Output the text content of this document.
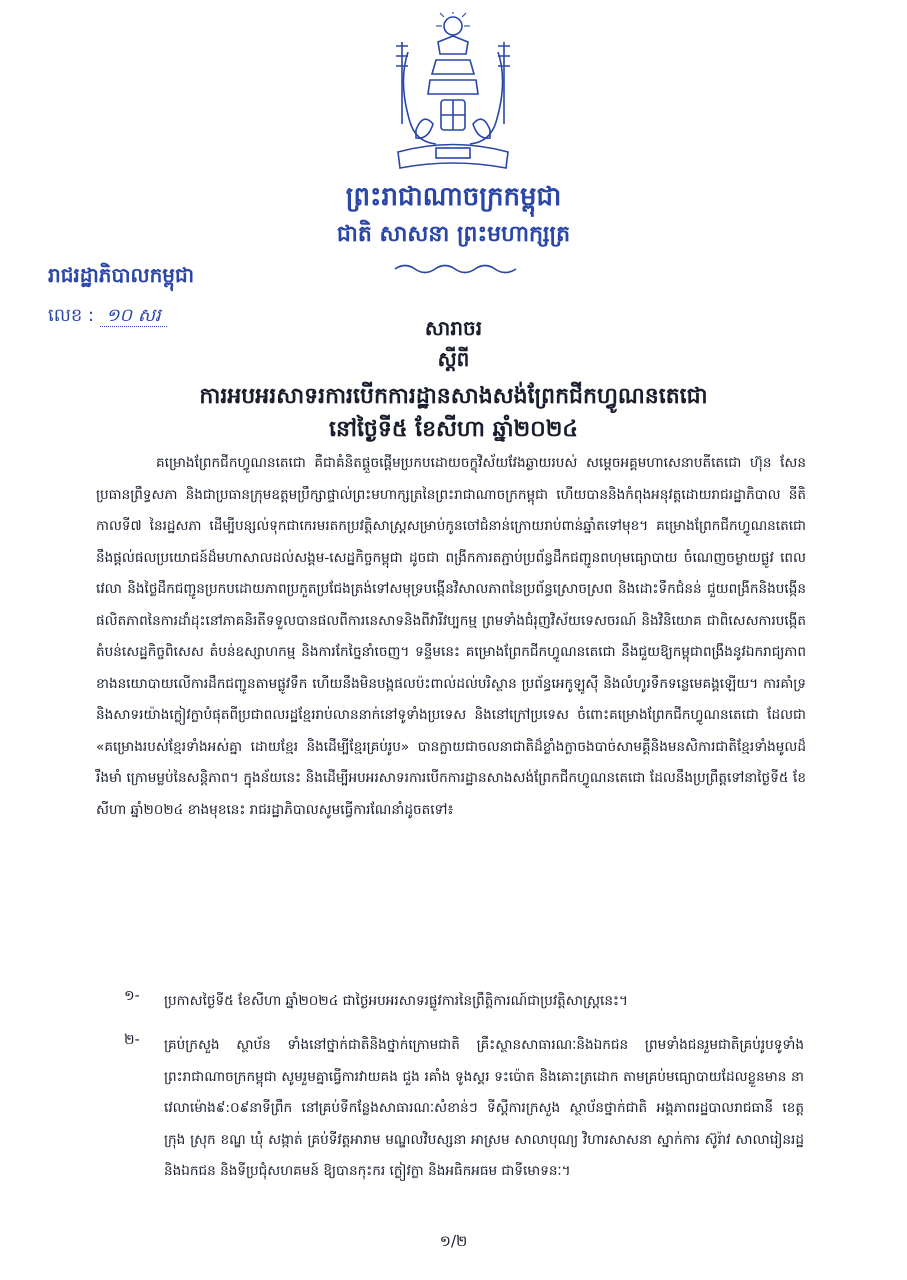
ព្រះរាជាណាចក្រកម្ពុជា
ជាតិ សាសនា ព្រះមហាក្សត្រ
រាជរដ្ឋាភិបាលកម្ពុជា
លេខ : ១០ សរ
សារាចរ
ស្ដីពី
ការអបអរសាទរការបើកការដ្ឋានសាងសង់ព្រែកជីកហ្វូណនតេជោ
នៅថ្ងៃទី៥ ខែសីហា ឆ្នាំ២០២៤

គម្រោងព្រែកជីកហ្វូណនតេជោ គឺជាគំនិតផ្ដួចផ្ដើមប្រកបដោយចក្ខុវិស័យវែងឆ្ងាយរបស់ សម្ដេចអគ្គមហាសេនាបតីតេជោ ហ៊ុន សែន ប្រធានព្រឹទ្ធសភា និងជាប្រធានក្រុមឧត្ដមប្រឹក្សាផ្ទាល់ព្រះមហាក្សត្រនៃព្រះរាជាណាចក្រកម្ពុជា ហើយបាននិងកំពុងអនុវត្តដោយរាជរដ្ឋាភិបាល នីតិកាលទី៧ នៃរដ្ឋសភា ដើម្បីបន្សល់ទុកជាកេរមរតកប្រវត្តិសាស្ត្រសម្រាប់កូនចៅជំនាន់ក្រោយរាប់ពាន់ឆ្នាំតទៅមុខ។ គម្រោងព្រែកជីកហ្វូណនតេជោ នឹងផ្ដល់ផលប្រយោជន៍ដ៏មហាសាលដល់សង្គម-សេដ្ឋកិច្ចកម្ពុជា ដូចជា ពង្រីកការតភ្ជាប់ប្រព័ន្ធដឹកជញ្ជូនពហុមធ្យោបាយ ចំណេញចម្ងាយផ្លូវ ពេលវេលា និងថ្លៃដឹកជញ្ជូនប្រកបដោយភាពប្រកួតប្រជែងត្រង់ទៅសមុទ្របង្កើនវិសាលភាពនៃប្រព័ន្ធស្រោចស្រព និងដោះទឹកជំនន់ ជួយពង្រីកនិងបង្កើនផលិតភាពនៃការដាំដុះនៅភាគនិរតីទទួលបានផលពីការនេសាទនិងពីវារីវប្បកម្ម ព្រមទាំងជំរុញវិស័យទេសចរណ៍ និងវិនិយោគ ជាពិសេសការបង្កើតតំបន់សេដ្ឋកិច្ចពិសេស តំបន់ឧស្សាហកម្ម និងការកែច្នៃនាំចេញ។ ទន្ទឹមនេះ គម្រោងព្រែកជីកហ្វូណនតេជោ នឹងជួយឱ្យកម្ពុជាពង្រឹងនូវឯករាជ្យភាពខាងនយោបាយលើការដឹកជញ្ជូនតាមផ្លូវទឹក ហើយនឹងមិនបង្កផលប៉ះពាល់ដល់បរិស្ថាន ប្រព័ន្ធអេកូឡូស៊ី និងលំហូរទឹកទន្លេមេគង្គឡើយ។ ការគាំទ្រនិងសាទរយ៉ាងក្លៀវក្លាបំផុតពីប្រជាពលរដ្ឋខ្មែររាប់លាននាក់នៅទូទាំងប្រទេស និងនៅក្រៅប្រទេស ចំពោះគម្រោងព្រែកជីកហ្វូណនតេជោ ដែលជា «គម្រោងរបស់ខ្មែរទាំងអស់គ្នា ដោយខ្មែរ និងដើម្បីខ្មែរគ្រប់រូប» បានក្លាយជាចលនាជាតិដ៏ខ្លាំងក្លាចងបាច់សាមគ្គីនិងមនសិការជាតិខ្មែរទាំងមូលដ៏រឹងមាំ ក្រោមម្លប់នៃសន្តិភាព។ ក្នុងន័យនេះ និងដើម្បីអបអរសាទរការបើកការដ្ឋានសាងសង់ព្រែកជីកហ្វូណនតេជោ ដែលនឹងប្រព្រឹត្តទៅនាថ្ងៃទី៥ ខែសីហា ឆ្នាំ២០២៤ ខាងមុខនេះ រាជរដ្ឋាភិបាលសូមធ្វើការណែនាំដូចតទៅ៖

១- ប្រកាសថ្ងៃទី៥ ខែសីហា ឆ្នាំ២០២៤ ជាថ្ងៃអបអរសាទរផ្លូវការនៃព្រឹត្តិការណ៍ជាប្រវត្តិសាស្ត្រនេះ។

២- គ្រប់ក្រសួង ស្ថាប័ន ទាំងនៅថ្នាក់ជាតិនិងថ្នាក់ក្រោមជាតិ គ្រឹះស្ថានសាធារណៈនិងឯកជន ព្រមទាំងជនរួមជាតិគ្រប់រូបទូទាំងព្រះរាជាណាចក្រកម្ពុជា សូមរួមគ្នាធ្វើការវាយគង ជួង រគាំង ទូងស្គរ ទះប៉ោត និងគោះត្រដោក តាមគ្រប់មធ្យោបាយដែលខ្លួនមាន នាវេលាម៉ោង៩:០៩នាទីព្រឹក នៅគ្រប់ទីកន្លែងសាធារណៈសំខាន់ៗ ទីស្ដីការក្រសួង ស្ថាប័នថ្នាក់ជាតិ អង្គភាពរដ្ឋបាលរាជធានី ខេត្ត ក្រុង ស្រុក ខណ្ឌ ឃុំ សង្កាត់ គ្រប់ទីវត្តអារាម មណ្ឌលវិបស្សនា អាស្រម សាលាបុណ្យ វិហារសាសនា ស្នាក់ការ ស៊ូរ៉ាវ សាលារៀនរដ្ឋនិងឯកជន និងទីប្រជុំសហគមន៍ ឱ្យបានកុះករ ក្លៀវក្លា និងអធិកអធម ជាទីមោទនៈ។

១/២
